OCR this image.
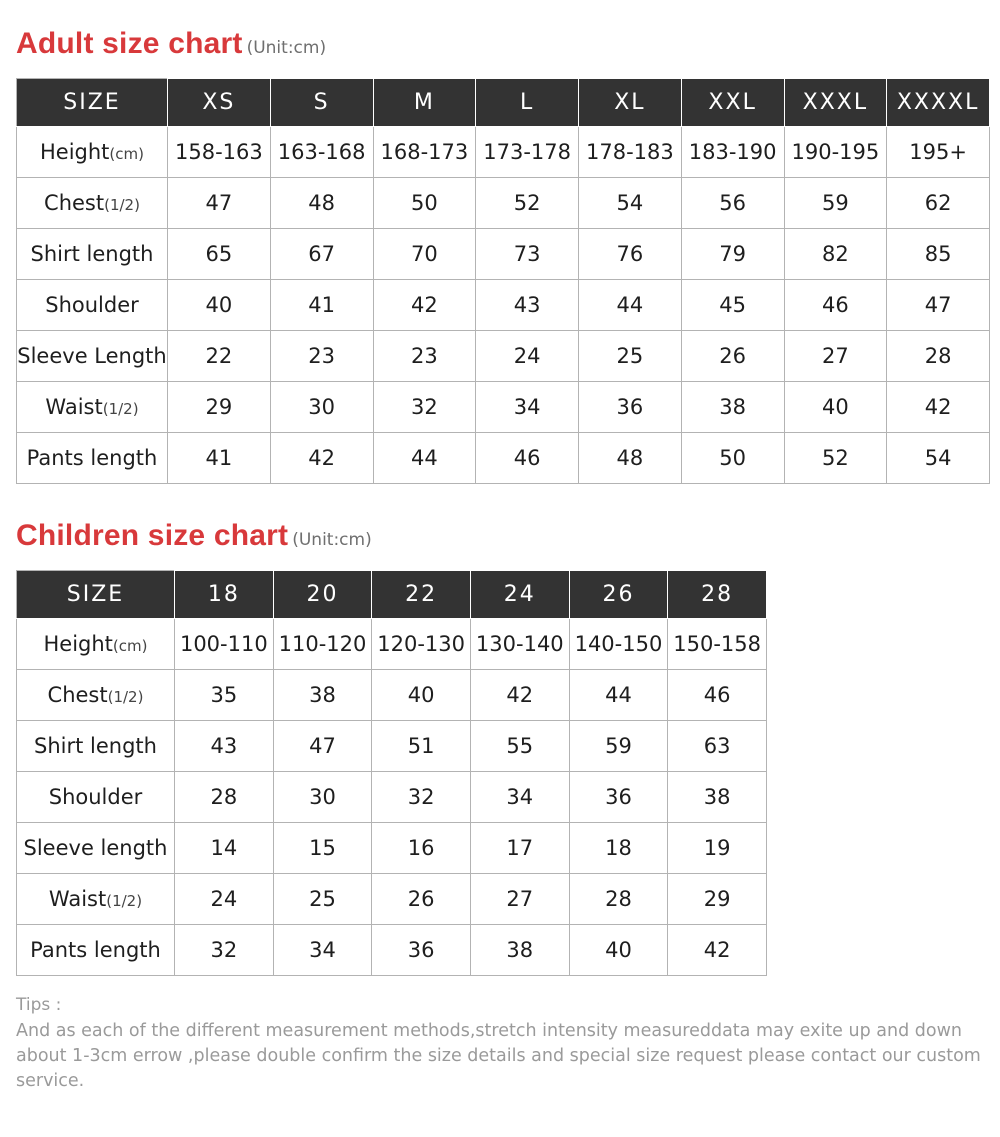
Adult size chart (Unit:cm)
SIZE	XS	S	M	L	XL	XXL	XXXL	XXXXL
Height(cm)	158-163	163-168	168-173	173-178	178-183	183-190	190-195	195+
Chest(1/2)	47	48	50	52	54	56	59	62
Shirt length	65	67	70	73	76	79	82	85
Shoulder	40	41	42	43	44	45	46	47
Sleeve Length	22	23	23	24	25	26	27	28
Waist(1/2)	29	30	32	34	36	38	40	42
Pants length	41	42	44	46	48	50	52	54
Children size chart (Unit:cm)
SIZE	18	20	22	24	26	28
Height(cm)	100-110	110-120	120-130	130-140	140-150	150-158
Chest(1/2)	35	38	40	42	44	46
Shirt length	43	47	51	55	59	63
Shoulder	28	30	32	34	36	38
Sleeve length	14	15	16	17	18	19
Waist(1/2)	24	25	26	27	28	29
Pants length	32	34	36	38	40	42
Tips :
And as each of the different measurement methods,stretch intensity measureddata may exite up and down about 1-3cm errow ,please double confirm the size details and special size request please contact our custom service.
